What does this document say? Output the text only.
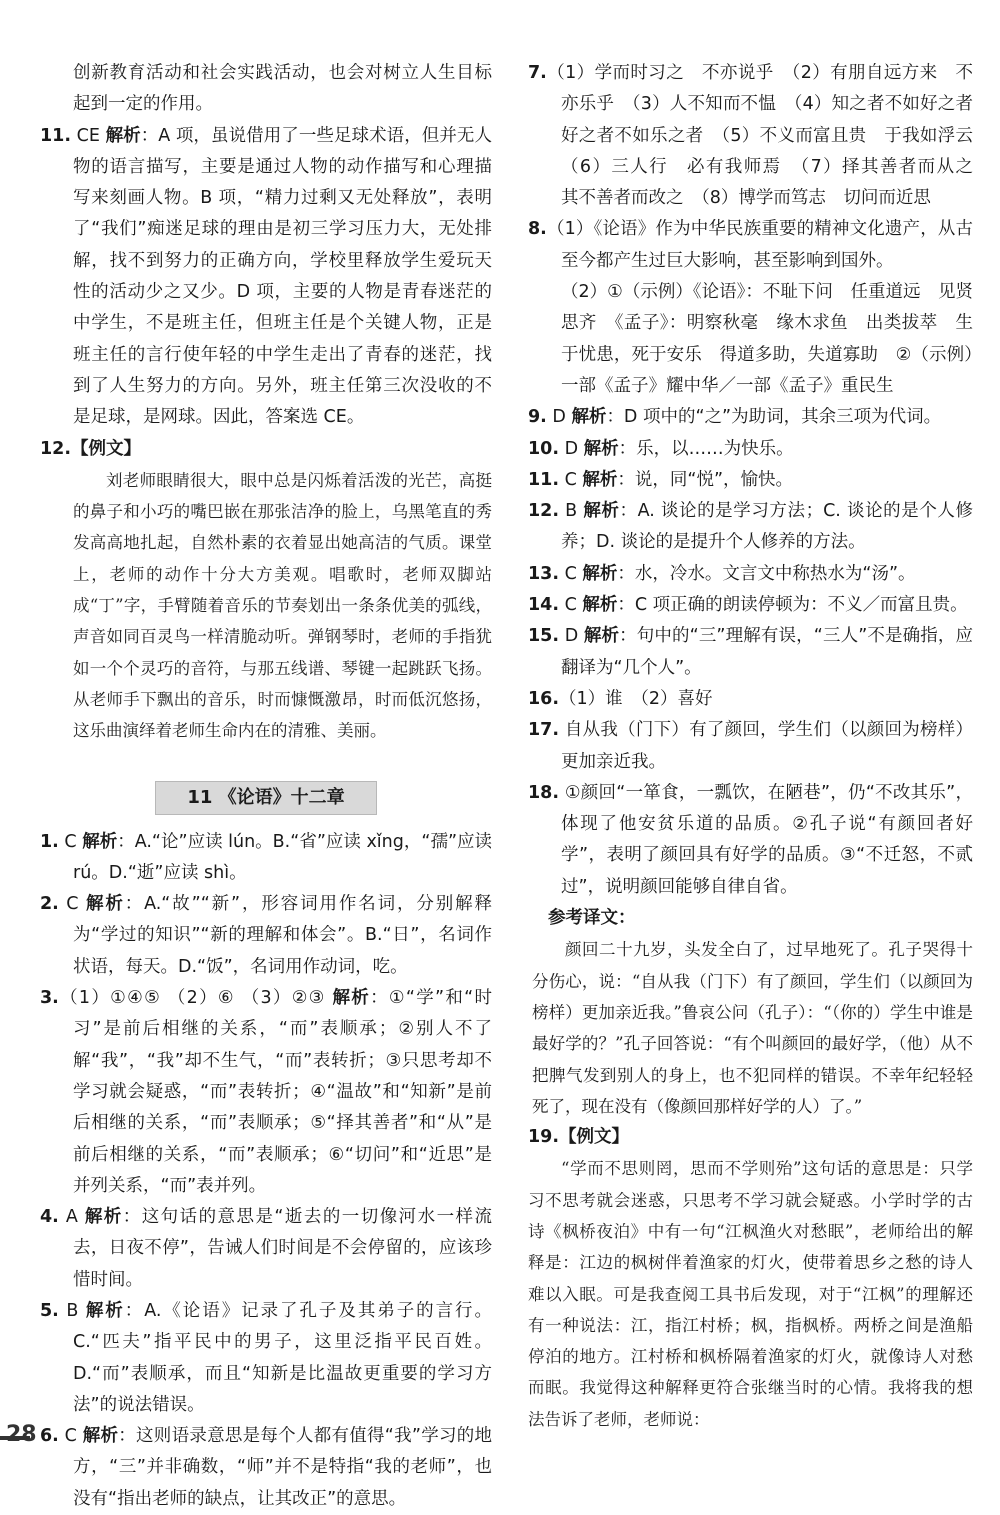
创新教育活动和社会实践活动，也会对树立人生目标起到一定的作用。

11. CE 解析：A 项，虽说借用了一些足球术语，但并无人物的语言描写，主要是通过人物的动作描写和心理描写来刻画人物。B 项，“精力过剩又无处释放”，表明了“我们”痴迷足球的理由是初三学习压力大，无处排解，找不到努力的正确方向，学校里释放学生爱玩天性的活动少之又少。D 项，主要的人物是青春迷茫的中学生，不是班主任，但班主任是个关键人物，正是班主任的言行使年轻的中学生走出了青春的迷茫，找到了人生努力的方向。另外，班主任第三次没收的不是足球，是网球。因此，答案选 CE。

12.【例文】

刘老师眼睛很大，眼中总是闪烁着活泼的光芒，高挺的鼻子和小巧的嘴巴嵌在那张洁净的脸上，乌黑笔直的秀发高高地扎起，自然朴素的衣着显出她高洁的气质。课堂上，老师的动作十分大方美观。唱歌时，老师双脚站成“丁”字，手臂随着音乐的节奏划出一条条优美的弧线，声音如同百灵鸟一样清脆动听。弹钢琴时，老师的手指犹如一个个灵巧的音符，与那五线谱、琴键一起跳跃飞扬。从老师手下飘出的音乐，时而慷慨激昂，时而低沉悠扬，这乐曲演绎着老师生命内在的清雅、美丽。

11 《论语》十二章

1. C 解析：A.“论”应读 lún。B.“省”应读 xǐng，“孺”应读 rú。D.“逝”应读 shì。

2. C 解析：A.“故”“新”，形容词用作名词，分别解释为“学过的知识”“新的理解和体会”。B.“日”，名词作状语，每天。D.“饭”，名词用作动词，吃。

3.（1）①④⑤ （2）⑥ （3）②③ 解析：①“学”和“时习”是前后相继的关系，“而”表顺承；②别人不了解“我”，“我”却不生气，“而”表转折；③只思考却不学习就会疑惑，“而”表转折；④“温故”和“知新”是前后相继的关系，“而”表顺承；⑤“择其善者”和“从”是前后相继的关系，“而”表顺承；⑥“切问”和“近思”是并列关系，“而”表并列。

4. A 解析：这句话的意思是“逝去的一切像河水一样流去，日夜不停”，告诫人们时间是不会停留的，应该珍惜时间。

5. B 解析：A.《论语》记录了孔子及其弟子的言行。C.“匹夫”指平民中的男子，这里泛指平民百姓。D.“而”表顺承，而且“知新是比温故更重要的学习方法”的说法错误。

6. C 解析：这则语录意思是每个人都有值得“我”学习的地方，“三”并非确数，“师”并不是特指“我的老师”，也没有“指出老师的缺点，让其改正”的意思。

7.（1）学而时习之　不亦说乎　（2）有朋自远方来　不亦乐乎　（3）人不知而不愠　（4）知之者不如好之者　好之者不如乐之者　（5）不义而富且贵　于我如浮云　（6）三人行　必有我师焉　（7）择其善者而从之　其不善者而改之　（8）博学而笃志　切问而近思

8.（1）《论语》作为中华民族重要的精神文化遗产，从古至今都产生过巨大影响，甚至影响到国外。

（2）①（示例）《论语》：不耻下问　任重道远　见贤思齐　《孟子》：明察秋毫　缘木求鱼　出类拔萃　生于忧患，死于安乐　得道多助，失道寡助　②（示例）一部《孟子》耀中华／一部《孟子》重民生

9. D 解析：D 项中的“之”为助词，其余三项为代词。

10. D 解析：乐，以……为快乐。

11. C 解析：说，同“悦”，愉快。

12. B 解析：A. 谈论的是学习方法；C. 谈论的是个人修养；D. 谈论的是提升个人修养的方法。

13. C 解析：水，冷水。文言文中称热水为“汤”。

14. C 解析：C 项正确的朗读停顿为：不义／而富且贵。

15. D 解析：句中的“三”理解有误，“三人”不是确指，应翻译为“几个人”。

16.（1）谁　（2）喜好

17. 自从我（门下）有了颜回，学生们（以颜回为榜样）更加亲近我。

18. ①颜回“一箪食，一瓢饮，在陋巷”，仍“不改其乐”，体现了他安贫乐道的品质。②孔子说“有颜回者好学”，表明了颜回具有好学的品质。③“不迁怒，不贰过”，说明颜回能够自律自省。

参考译文：

颜回二十九岁，头发全白了，过早地死了。孔子哭得十分伤心，说：“自从我（门下）有了颜回，学生们（以颜回为榜样）更加亲近我。”鲁哀公问（孔子）：“（你的）学生中谁是最好学的？”孔子回答说：“有个叫颜回的最好学，（他）从不把脾气发到别人的身上，也不犯同样的错误。不幸年纪轻轻死了，现在没有（像颜回那样好学的人）了。”

19.【例文】

“学而不思则罔，思而不学则殆”这句话的意思是：只学习不思考就会迷惑，只思考不学习就会疑惑。小学时学的古诗《枫桥夜泊》中有一句“江枫渔火对愁眠”，老师给出的解释是：江边的枫树伴着渔家的灯火，使带着思乡之愁的诗人难以入眠。可是我查阅工具书后发现，对于“江枫”的理解还有一种说法：江，指江村桥；枫，指枫桥。两桥之间是渔船停泊的地方。江村桥和枫桥隔着渔家的灯火，就像诗人对愁而眠。我觉得这种解释更符合张继当时的心情。我将我的想法告诉了老师，老师说：

28
